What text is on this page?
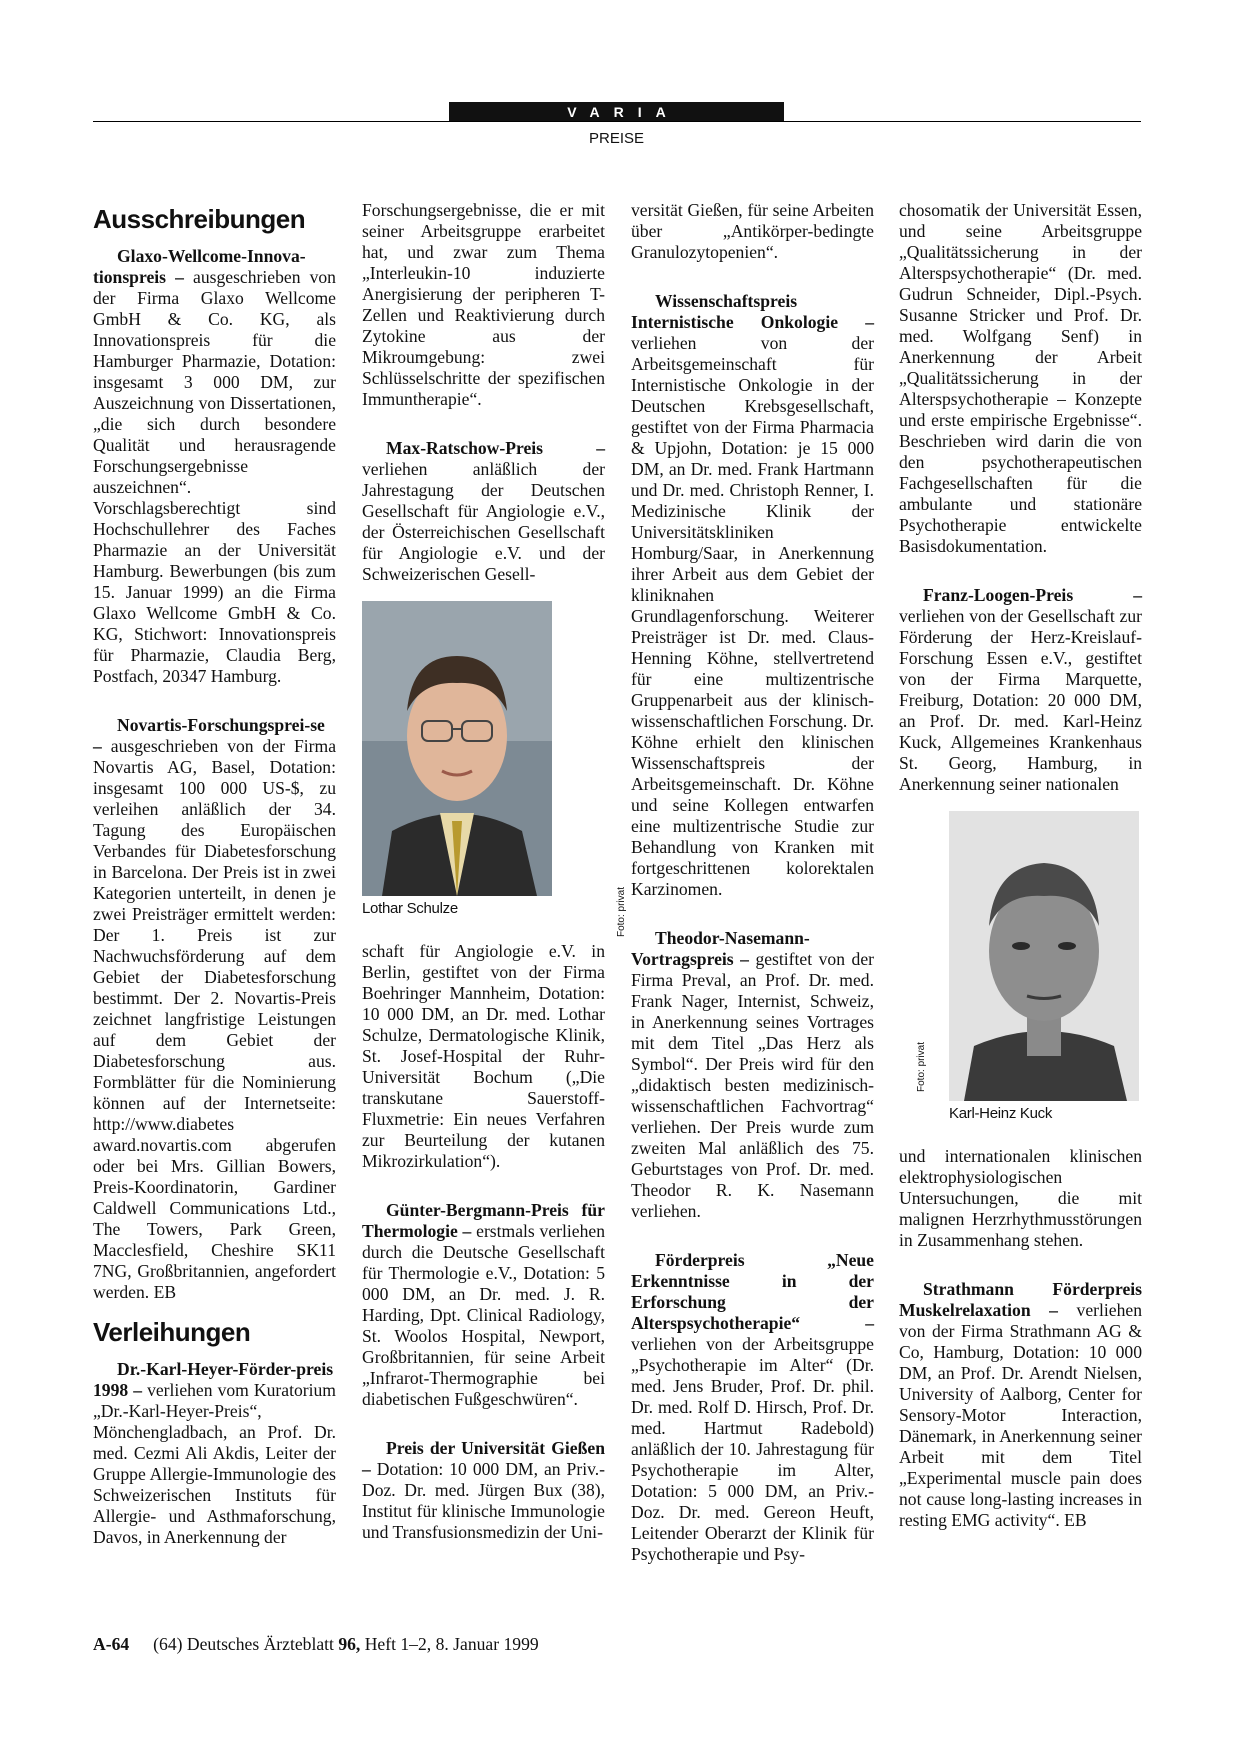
VARIA
PREISE
Ausschreibungen

Glaxo-Wellcome-Innova-tionspreis – ausgeschrieben von der Firma Glaxo Wellcome GmbH & Co. KG, als Innovationspreis für die Hamburger Pharmazie, Dotation: insgesamt 3 000 DM, zur Auszeichnung von Dissertationen, „die sich durch besondere Qualität und herausragende Forschungsergebnisse auszeichnen“. Vorschlagsberechtigt sind Hochschullehrer des Faches Pharmazie an der Universität Hamburg. Bewerbungen (bis zum 15. Januar 1999) an die Firma Glaxo Wellcome GmbH & Co. KG, Stichwort: Innovationspreis für Pharmazie, Claudia Berg, Postfach, 20347 Hamburg.

Novartis-Forschungsprei-se – ausgeschrieben von der Firma Novartis AG, Basel, Dotation: insgesamt 100 000 US-$, zu verleihen anläßlich der 34. Tagung des Europäischen Verbandes für Diabetesforschung in Barcelona. Der Preis ist in zwei Kategorien unterteilt, in denen je zwei Preisträger ermittelt werden: Der 1. Preis ist zur Nachwuchsförderung auf dem Gebiet der Diabetesforschung bestimmt. Der 2. Novartis-Preis zeichnet langfristige Leistungen auf dem Gebiet der Diabetesforschung aus. Formblätter für die Nominierung können auf der Internetseite: http://www.diabetes award.novartis.com abgerufen oder bei Mrs. Gillian Bowers, Preis-Koordinatorin, Gardiner Caldwell Communications Ltd., The Towers, Park Green, Macclesfield, Cheshire SK11 7NG, Großbritannien, angefordert werden. EB

Verleihungen

Dr.-Karl-Heyer-Förder-preis 1998 – verliehen vom Kuratorium „Dr.-Karl-Heyer-Preis“, Mönchengladbach, an Prof. Dr. med. Cezmi Ali Akdis, Leiter der Gruppe Allergie-Immunologie des Schweizerischen Instituts für Allergie- und Asthmaforschung, Davos, in Anerkennung der

Forschungsergebnisse, die er mit seiner Arbeitsgruppe erarbeitet hat, und zwar zum Thema „Interleukin-10 induzierte Anergisierung der peripheren T-Zellen und Reaktivierung durch Zytokine aus der Mikroumgebung: zwei Schlüsselschritte der spezifischen Immuntherapie“.

Max-Ratschow-Preis – verliehen anläßlich der Jahrestagung der Deutschen Gesellschaft für Angiologie e.V., der Österreichischen Gesellschaft für Angiologie e.V. und der Schweizerischen Gesell-

Foto: privat
Lothar Schulze

schaft für Angiologie e.V. in Berlin, gestiftet von der Firma Boehringer Mannheim, Dotation: 10 000 DM, an Dr. med. Lothar Schulze, Dermatologische Klinik, St. Josef-Hospital der Ruhr-Universität Bochum („Die transkutane Sauerstoff-Fluxmetrie: Ein neues Verfahren zur Beurteilung der kutanen Mikrozirkulation“).

Günter-Bergmann-Preis für Thermologie – erstmals verliehen durch die Deutsche Gesellschaft für Thermologie e.V., Dotation: 5 000 DM, an Dr. med. J. R. Harding, Dpt. Clinical Radiology, St. Woolos Hospital, Newport, Großbritannien, für seine Arbeit „Infrarot-Thermographie bei diabetischen Fußgeschwüren“.

Preis der Universität Gießen – Dotation: 10 000 DM, an Priv.-Doz. Dr. med. Jürgen Bux (38), Institut für klinische Immunologie und Transfusionsmedizin der Uni-

versität Gießen, für seine Arbeiten über „Antikörper-bedingte Granulozytopenien“.

Wissenschaftspreis Internistische Onkologie – verliehen von der Arbeitsgemeinschaft für Internistische Onkologie in der Deutschen Krebsgesellschaft, gestiftet von der Firma Pharmacia & Upjohn, Dotation: je 15 000 DM, an Dr. med. Frank Hartmann und Dr. med. Christoph Renner, I. Medizinische Klinik der Universitätskliniken Homburg/Saar, in Anerkennung ihrer Arbeit aus dem Gebiet der kliniknahen Grundlagenforschung. Weiterer Preisträger ist Dr. med. Claus-Henning Köhne, stellvertretend für eine multizentrische Gruppenarbeit aus der klinisch-wissenschaftlichen Forschung. Dr. Köhne erhielt den klinischen Wissenschaftspreis der Arbeitsgemeinschaft. Dr. Köhne und seine Kollegen entwarfen eine multizentrische Studie zur Behandlung von Kranken mit fortgeschrittenen kolorektalen Karzinomen.

Theodor-Nasemann-Vortragspreis – gestiftet von der Firma Preval, an Prof. Dr. med. Frank Nager, Internist, Schweiz, in Anerkennung seines Vortrages mit dem Titel „Das Herz als Symbol“. Der Preis wird für den „didaktisch besten medizinisch-wissenschaftlichen Fachvortrag“ verliehen. Der Preis wurde zum zweiten Mal anläßlich des 75. Geburtstages von Prof. Dr. med. Theodor R. K. Nasemann verliehen.

Förderpreis „Neue Erkenntnisse in der Erforschung der Alterspsychotherapie“ – verliehen von der Arbeitsgruppe „Psychotherapie im Alter“ (Dr. med. Jens Bruder, Prof. Dr. phil. Dr. med. Rolf D. Hirsch, Prof. Dr. med. Hartmut Radebold) anläßlich der 10. Jahrestagung für Psychotherapie im Alter, Dotation: 5 000 DM, an Priv.-Doz. Dr. med. Gereon Heuft, Leitender Oberarzt der Klinik für Psychotherapie und Psy-

chosomatik der Universität Essen, und seine Arbeitsgruppe „Qualitätssicherung in der Alterspsychotherapie“ (Dr. med. Gudrun Schneider, Dipl.-Psych. Susanne Stricker und Prof. Dr. med. Wolfgang Senf) in Anerkennung der Arbeit „Qualitätssicherung in der Alterspsychotherapie – Konzepte und erste empirische Ergebnisse“. Beschrieben wird darin die von den psychotherapeutischen Fachgesellschaften für die ambulante und stationäre Psychotherapie entwickelte Basisdokumentation.

Franz-Loogen-Preis – verliehen von der Gesellschaft zur Förderung der Herz-Kreislauf-Forschung Essen e.V., gestiftet von der Firma Marquette, Freiburg, Dotation: 20 000 DM, an Prof. Dr. med. Karl-Heinz Kuck, Allgemeines Krankenhaus St. Georg, Hamburg, in Anerkennung seiner nationalen

Foto: privat
Karl-Heinz Kuck

und internationalen klinischen elektrophysiologischen Untersuchungen, die mit malignen Herzrhythmusstörungen in Zusammenhang stehen.

Strathmann Förderpreis Muskelrelaxation – verliehen von der Firma Strathmann AG & Co, Hamburg, Dotation: 10 000 DM, an Prof. Dr. Arendt Nielsen, University of Aalborg, Center for Sensory-Motor Interaction, Dänemark, in Anerkennung seiner Arbeit mit dem Titel „Experimental muscle pain does not cause long-lasting increases in resting EMG activity“. EB

A-64 (64) Deutsches Ärzteblatt 96, Heft 1–2, 8. Januar 1999
